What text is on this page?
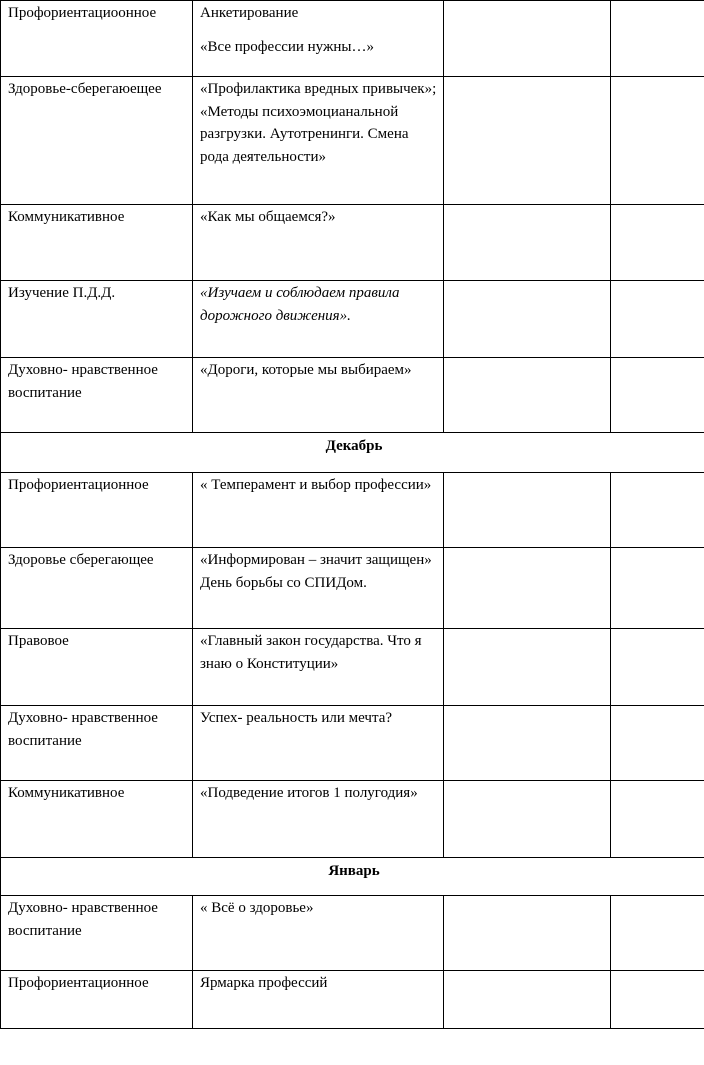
Профориентациоонное	Анкетирование
«Все профессии нужны…»		

Здоровье-сберегаюещее	«Профилактика вредных привычек»; «Методы психоэмоцианальной разгрузки. Аутотренинги. Смена рода деятельности»		

Коммуникативное	«Как мы общаемся?»		

Изучение П.Д.Д.	«Изучаем и соблюдаем правила дорожного движения».		

Духовно- нравственное воспитание	«Дороги, которые мы выбираем»		

Декабрь			
Профориентационное	« Темперамент и выбор профессии»		

Здоровье сберегающее	«Информирован – значит защищен» День борьбы со СПИДом.		

Правовое	«Главный закон государства. Что я знаю о Конституции»		

Духовно- нравственное воспитание	Успех- реальность или мечта?		

Коммуникативное	«Подведение итогов 1 полугодия»		

Январь			
Духовно- нравственное воспитание	« Всё о здоровье»		

Профориентационное	Ярмарка профессий		
